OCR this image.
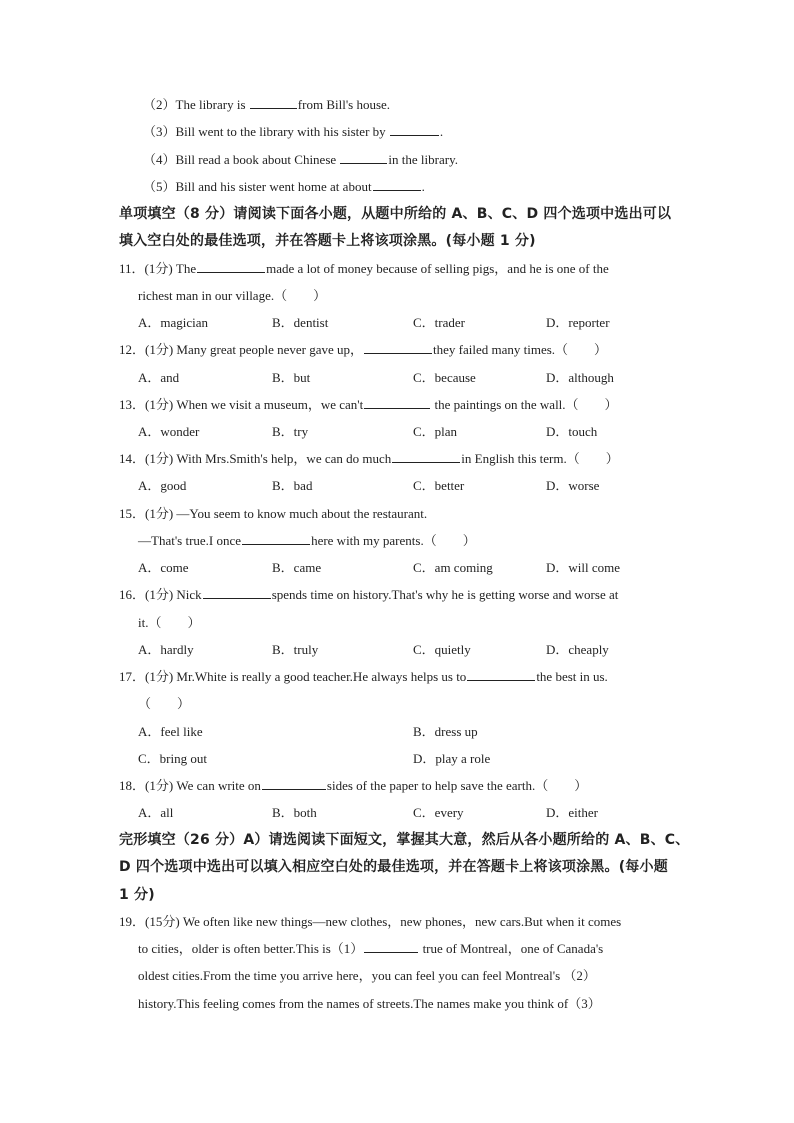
（2）The library is	from Bill's house.
（3）Bill went to the library with his sister by	.
（4）Bill read a book about Chinese	in the library.
（5）Bill and his sister went home at about	.
单项填空（8 分）请阅读下面各小题，从题中所给的 A、B、C、D 四个选项中选出可以
填入空白处的最佳选项，并在答题卡上将该项涂黑。(每小题 1 分)
11．(1分) The	made a lot of money because of selling pigs，and he is one of the
richest man in our village.（　　）
A．magician	B．dentist	C．trader	D．reporter
12．(1分) Many great people never gave up，	they failed many times.（　　）
A．and	B．but	C．because	D．although
13．(1分) When we visit a museum，we can't	the paintings on the wall.（　　）
A．wonder	B．try	C．plan	D．touch
14．(1分) With Mrs.Smith's help，we can do much	in English this term.（　　）
A．good	B．bad	C．better	D．worse
15．(1分) —You seem to know much about the restaurant.
—That's true.I once	here with my parents.（　　）
A．come	B．came	C．am coming	D．will come
16．(1分) Nick	spends time on history.That's why he is getting worse and worse at
it.（　　）
A．hardly	B．truly	C．quietly	D．cheaply
17．(1分) Mr.White is really a good teacher.He always helps us to	the best in us.
（　　）
A．feel like	B．dress up
C．bring out	D．play a role
18．(1分) We can write on	sides of the paper to help save the earth.（　　）
A．all	B．both	C．every	D．either
完形填空（26 分）A）请选阅读下面短文，掌握其大意，然后从各小题所给的 A、B、C、
D 四个选项中选出可以填入相应空白处的最佳选项，并在答题卡上将该项涂黑。(每小题
1 分)
19．(15分) We often like new things—new clothes，new phones，new cars.But when it comes
to cities，older is often better.This is（1）	true of Montreal，one of Canada's
oldest cities.From the time you arrive here，you can feel you can feel Montreal's （2）
history.This feeling comes from the names of streets.The names make you think of（3）
